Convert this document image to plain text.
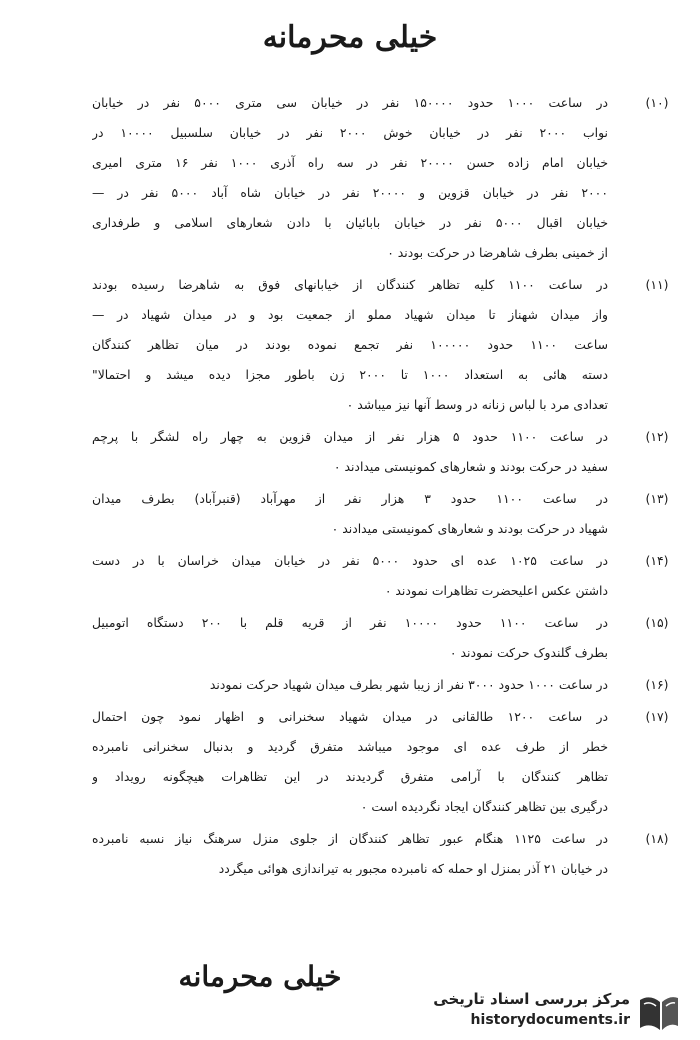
خیلی محرمانه
(۱۰)
در ساعت ۱۰۰۰ حدود ۱۵۰۰۰۰ نفر در خیابان سی متری ۵۰۰۰ نفر در خیابان
نواب ۲۰۰۰ نفر در خیابان خوش ۲۰۰۰ نفر در خیابان سلسبیل ۱۰۰۰۰ در
خیابان امام زاده حسن ۲۰۰۰۰ نفر در سه راه آذری ۱۰۰۰ نفر ۱۶ متری امیری
۲۰۰۰ نفر در خیابان قزوین و ۲۰۰۰۰ نفر در خیابان شاه آباد ۵۰۰۰ نفر در —
خیابان اقبال ۵۰۰۰ نفر در خیابان بابائیان با دادن شعارهای اسلامی و طرفداری
از خمینی بطرف شاهرضا در حرکت بودند ٠
(۱۱)
در ساعت ۱۱۰۰ کلیه تظاهر کنندگان از خیابانهای فوق به شاهرضا رسیده بودند
واز میدان شهناز تا میدان شهیاد مملو از جمعیت بود و در میدان شهیاد در —
ساعت ۱۱۰۰ حدود ۱۰۰۰۰۰ نفر تجمع نموده بودند در میان تظاهر کنندگان
دسته هائی به استعداد ۱۰۰۰ تا ۲۰۰۰ زن باطور مجزا دیده میشد و احتمالا"
تعدادی مرد با لباس زنانه در وسط آنها نیز میباشد ٠
(۱۲)
در ساعت ۱۱۰۰ حدود ۵ هزار نفر از میدان قزوین به چهار راه لشگر با پرچم
سفید در حرکت بودند و شعارهای کمونیستی میدادند ٠
(۱۳)
در ساعت ۱۱۰۰ حدود ۳ هزار نفر از مهرآباد (قنبرآباد) بطرف میدان
شهیاد در حرکت بودند و شعارهای کمونیستی میدادند ٠
(۱۴)
در ساعت ۱۰۲۵ عده ای حدود ۵۰۰۰ نفر در خیابان میدان خراسان با در دست
داشتن عکس اعلیحضرت تظاهرات نمودند ٠
(۱۵)
در ساعت ۱۱۰۰ حدود ۱۰۰۰۰ نفر از قریه قلم با ۲۰۰ دستگاه اتومبیل
بطرف گلندوک حرکت نمودند ٠
(۱۶)
در ساعت ۱۰۰۰ حدود ۳۰۰۰ نفر از زیبا شهر بطرف میدان شهیاد حرکت نمودند
(۱۷)
در ساعت ۱۲۰۰ طالقانی در میدان شهیاد سخنرانی و اظهار نمود چون احتمال
خطر از طرف عده ای موجود میباشد متفرق گردید و بدنبال سخنرانی نامبرده
تظاهر کنندگان با آرامی متفرق گردیدند در این تظاهرات هیچگونه رویداد و
درگیری بین تظاهر کنندگان ایجاد نگردیده است ٠
(۱۸)
در ساعت ۱۱۲۵ هنگام عبور تظاهر کنندگان از جلوی منزل سرهنگ نیاز نسبه نامبرده
در خیابان ۲۱ آذر بمنزل او حمله که نامبرده مجبور به تیراندازی هوائی میگردد
خیلی محرمانه
مرکز بررسی اسناد تاریخی
historydocuments.ir
